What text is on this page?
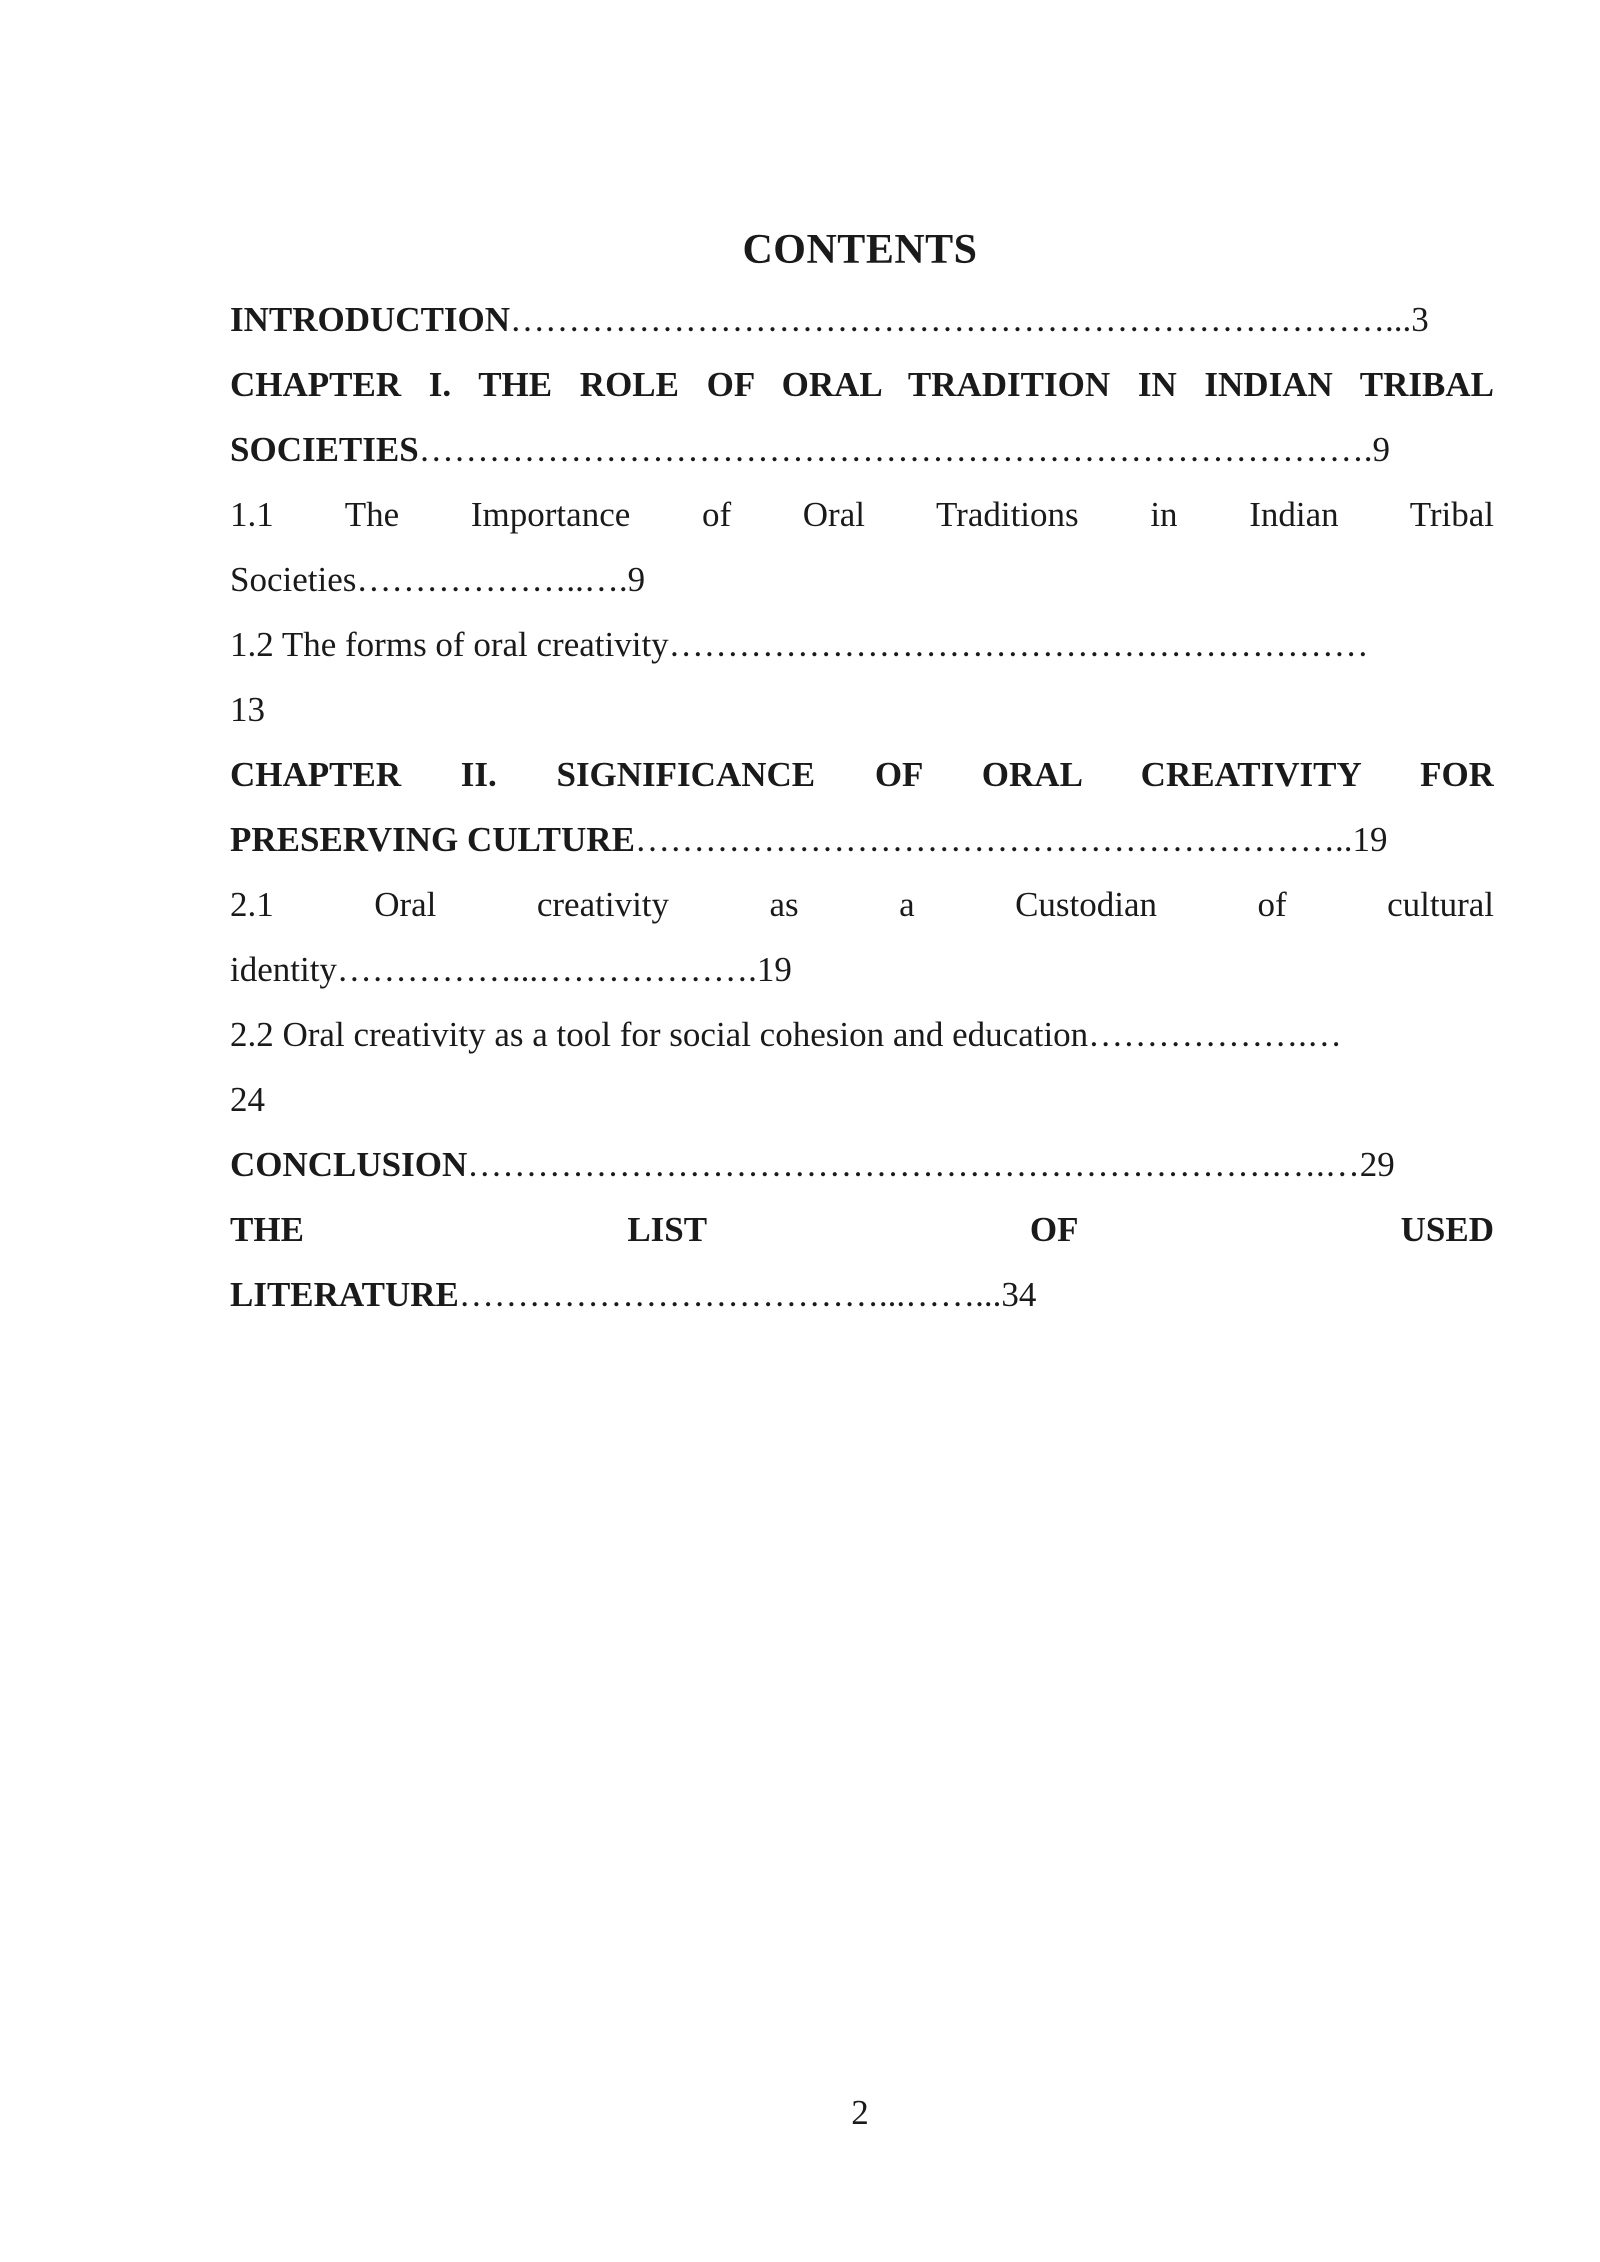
CONTENTS
INTRODUCTION…………………………………………………………………...3
CHAPTER I. THE ROLE OF ORAL TRADITION IN INDIAN TRIBAL
SOCIETIES……………………………………………………………………….9
1.1 The Importance of Oral Traditions in Indian Tribal
Societies………………..….9
1.2 The forms of oral creativity……………………………………………………
13
CHAPTER II. SIGNIFICANCE OF ORAL CREATIVITY FOR
PRESERVING CULTURE……………………………………………………..19
2.1 Oral creativity as a Custodian of cultural
identity……………...……………….19
2.2 Oral creativity as a tool for social cohesion and education……………….…
24
CONCLUSION…………………………………………………………….….…29
THE LIST OF USED
LITERATURE………………………………...……...34
2
